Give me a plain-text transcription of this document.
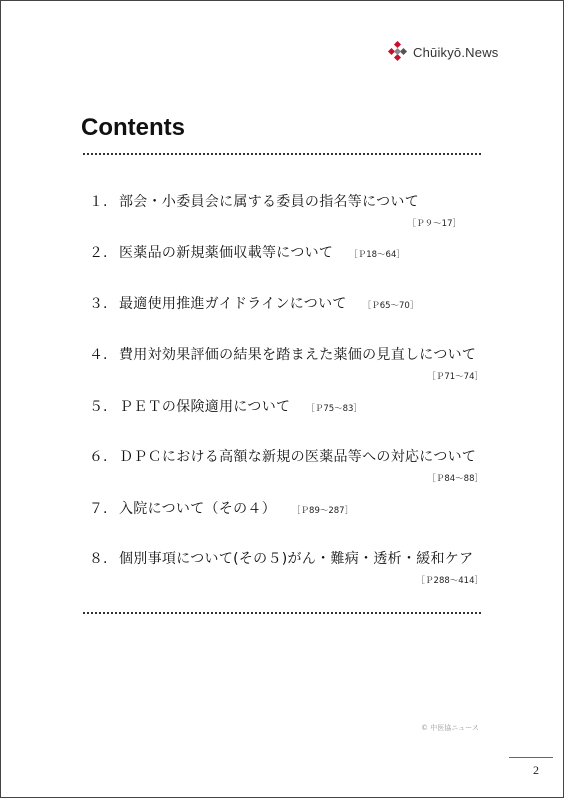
Chūikyō.News
Contents
１. 部会・小委員会に属する委員の指名等について
［Ｐ９～17］
２. 医薬品の新規薬価収載等について ［Ｐ18～64］
３. 最適使用推進ガイドラインについて ［Ｐ65～70］
４. 費用対効果評価の結果を踏まえた薬価の見直しについて
［Ｐ71～74］
５. ＰＥＴの保険適用について ［Ｐ75～83］
６. ＤＰＣにおける高額な新規の医薬品等への対応について
［Ｐ84～88］
７. 入院について（その４） ［Ｐ89～287］
８. 個別事項について(その５)がん・難病・透析・緩和ケア
［Ｐ288～414］
© 中医協ニュース
2
